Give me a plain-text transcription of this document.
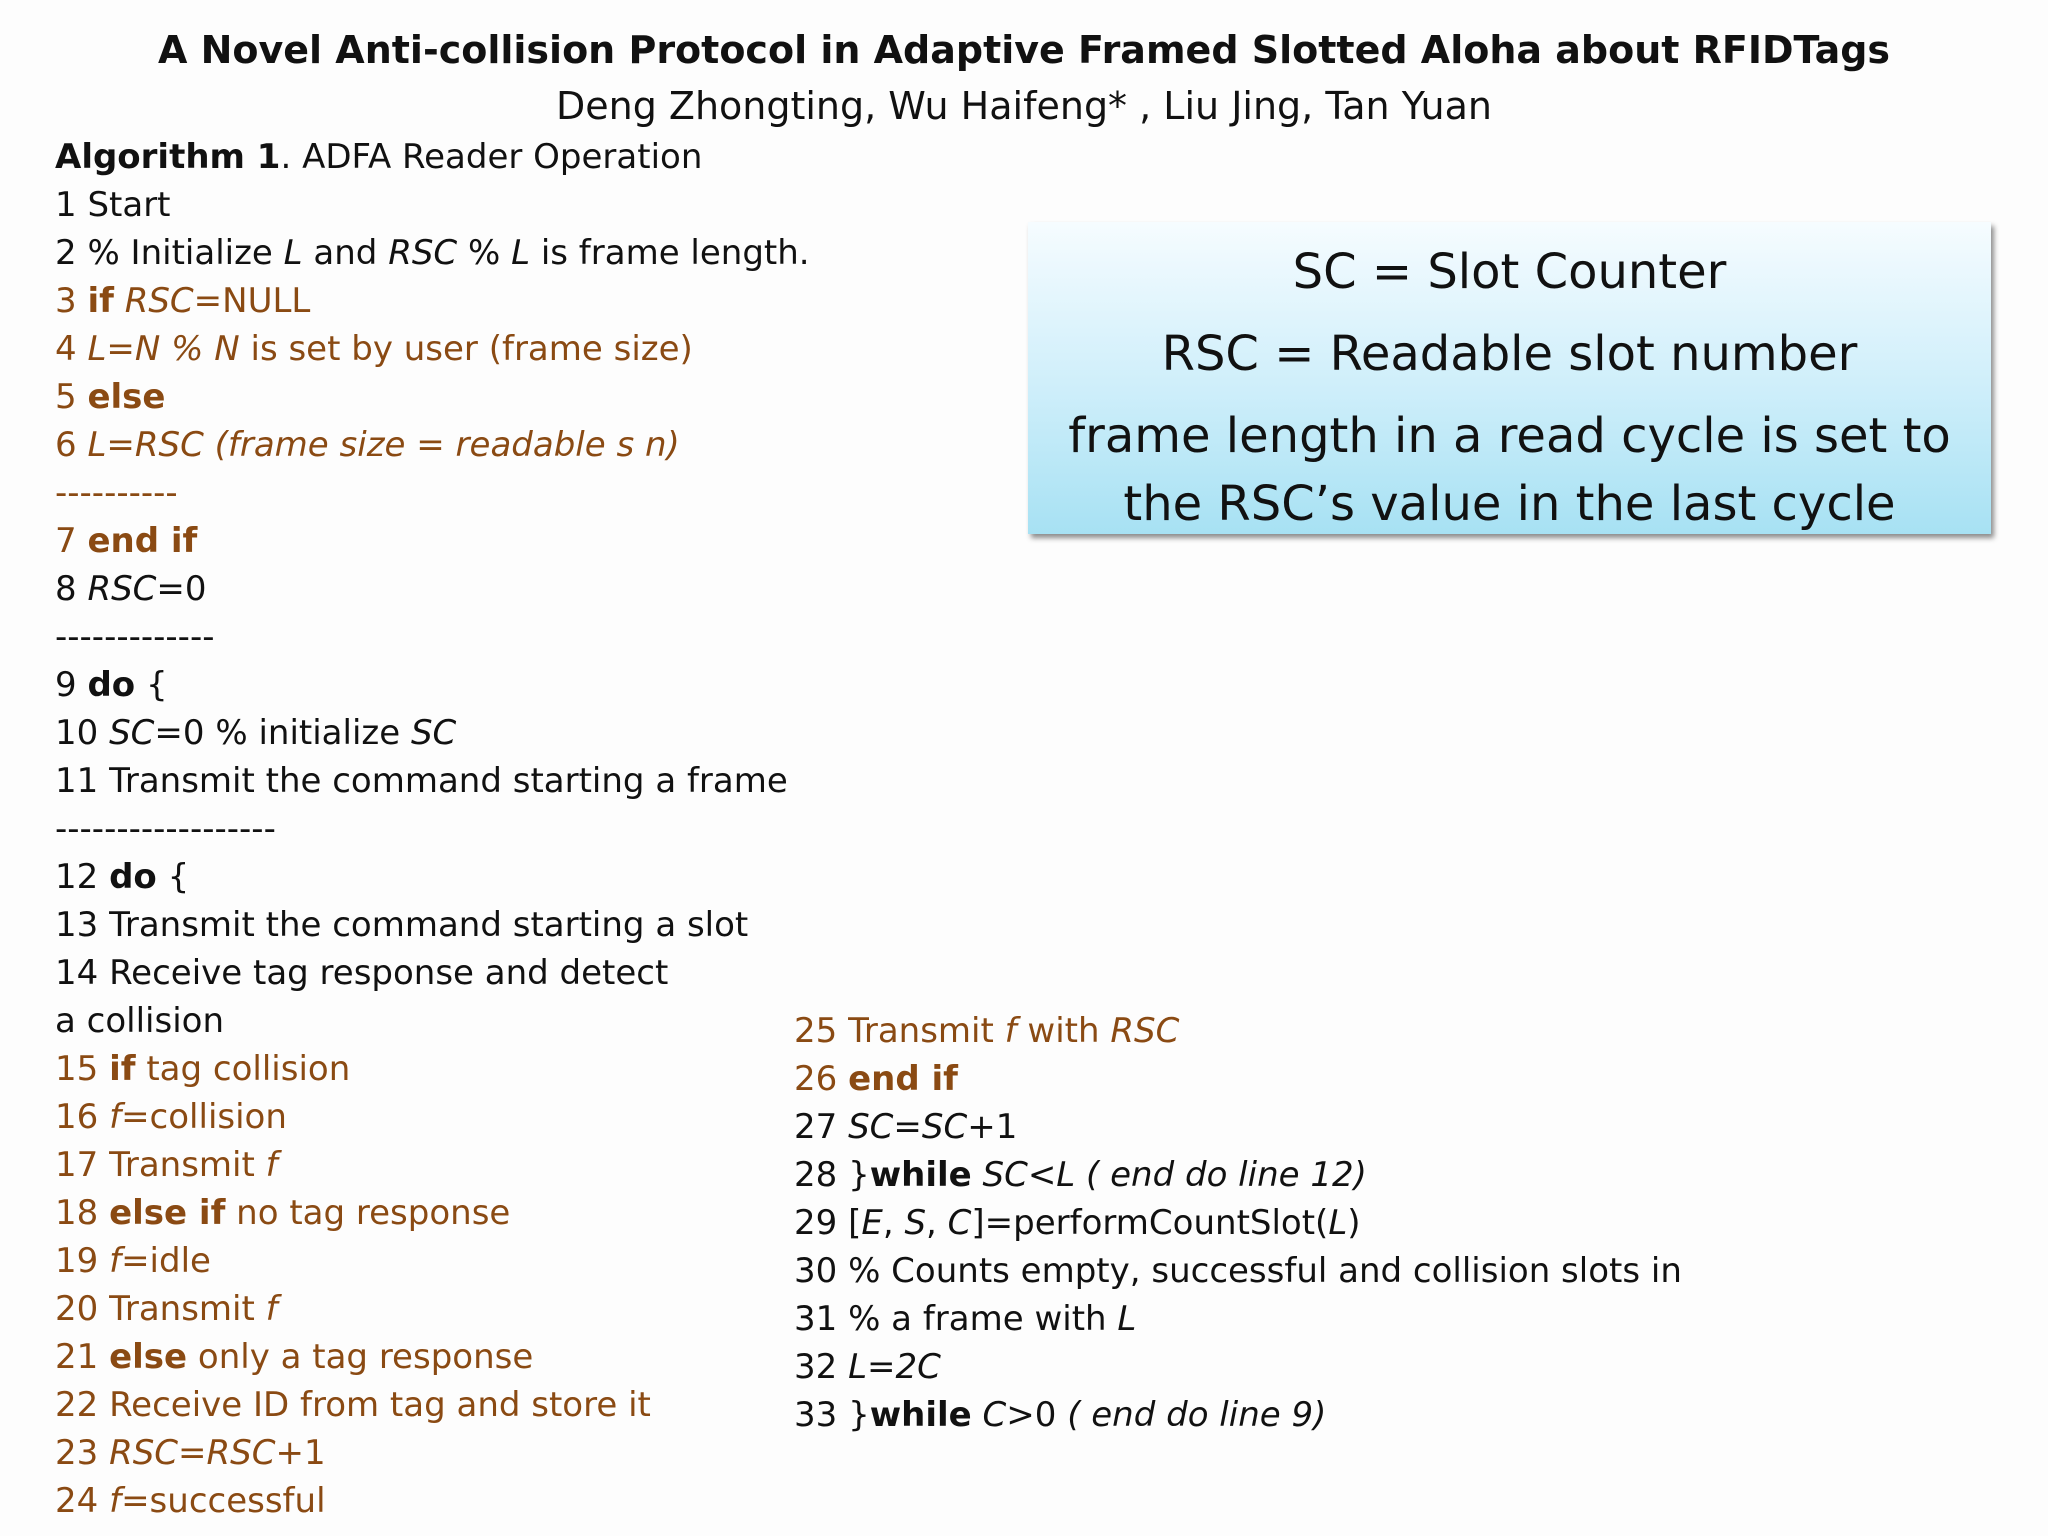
A Novel Anti-collision Protocol in Adaptive Framed Slotted Aloha about RFIDTags
Deng Zhongting, Wu Haifeng* , Liu Jing, Tan Yuan
Algorithm 1. ADFA Reader Operation
1 Start
2 % Initialize L and RSC % L is frame length.
3 if RSC=NULL
4 L=N % N is set by user (frame size)
5 else
6 L=RSC (frame size = readable s n)
----------
7 end if
8 RSC=0
-------------
9 do {
10 SC=0 % initialize SC
11 Transmit the command starting a frame
------------------
12 do {
13 Transmit the command starting a slot
14 Receive tag response and detect a collision
15 if tag collision
16 f=collision
17 Transmit f
18 else if no tag response
19 f=idle
20 Transmit f
21 else only a tag response
22 Receive ID from tag and store it
23 RSC=RSC+1
24 f=successful
25 Transmit f with RSC
26 end if
27 SC=SC+1
28 }while SC<L ( end do line 12)
29 [E, S, C]=performCountSlot(L)
30 % Counts empty, successful and collision slots in
31 % a frame with L
32 L=2C
33 }while C>0 ( end do line 9)
SC = Slot Counter
RSC = Readable slot number
frame length in a read cycle is set to the RSC’s value in the last cycle
